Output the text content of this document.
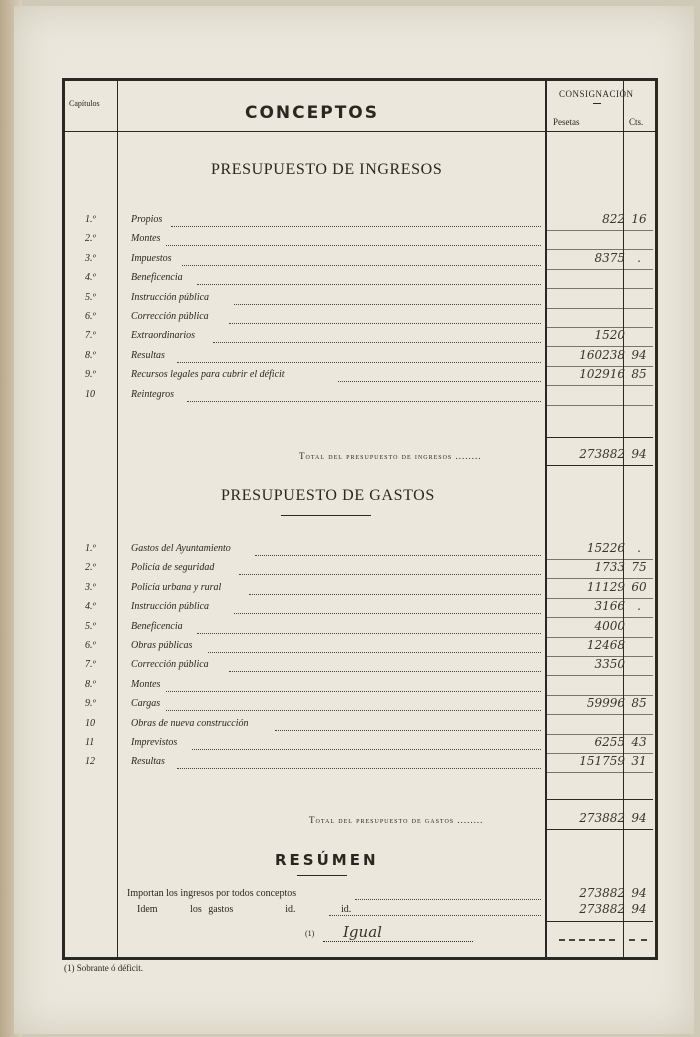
Capítulos	CONCEPTOS
CONSIGNACIÓN
Pesetas	Cts.
PRESUPUESTO DE INGRESOS
1.º	Propios	822 16
2.º	Montes
3.º	Impuestos	8375	.
4.º	Beneficencia
5.º	Instrucción pública
6.º	Corrección pública
7.º	Extraordinarios	1520
8.º	Resultas	160238 94
9.º	Recursos legales para cubrir el déficit	102916 85
10	Reintegros
Total del presupuesto de ingresos ........	273882 94
PRESUPUESTO DE GASTOS
1.º	Gastos del Ayuntamiento	15226	.
2.º	Policía de seguridad	1733 75
3.º	Policía urbana y rural	11129 60
4.º	Instrucción pública	3166	.
5.º	Beneficencia	4000
6.º	Obras públicas	12468
7.º	Corrección pública	3350
8.º	Montes
9.º	Cargas	59996 85
10	Obras de nueva construcción
11	Imprevistos	6255 43
12	Resultas	151759 31
Total del presupuesto de gastos ........	273882 94
RESÚMEN
Importan los ingresos por todos conceptos	273882 94
Idem	los gastos	id.	id.	273882 94
(1) Igual
(1) Sobrante ó déficit.
